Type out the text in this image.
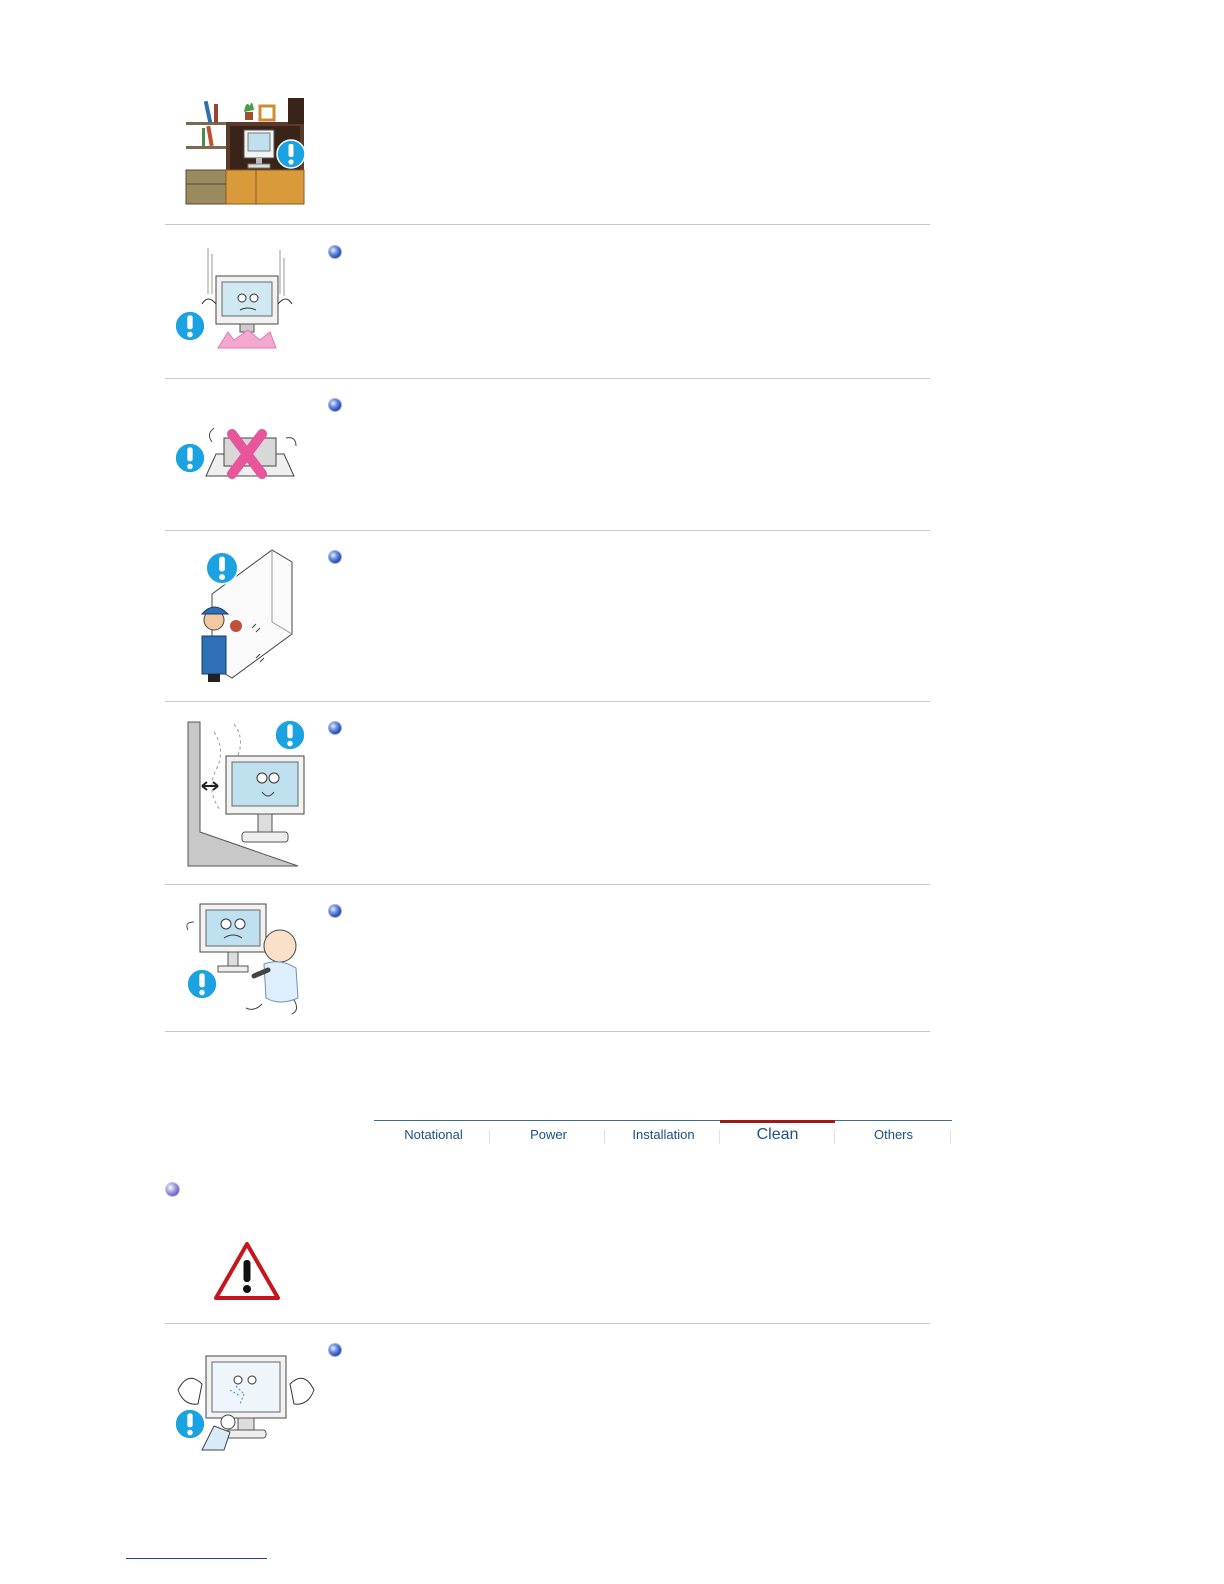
Notational	Power	Installation	Clean	Others
